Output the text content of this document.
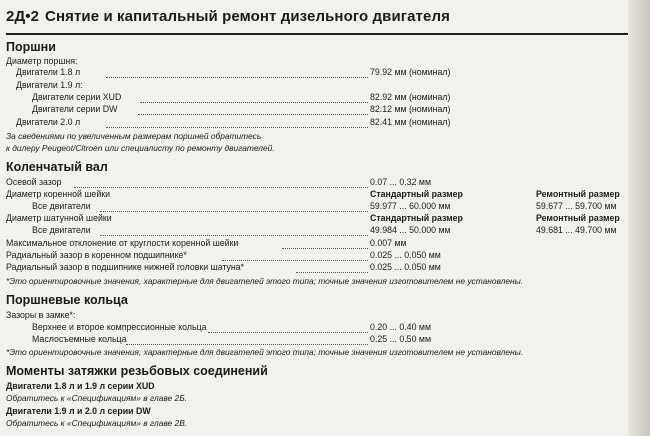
2Д•2 Снятие и капитальный ремонт дизельного двигателя
Поршни
Диаметр поршня:
Двигатели 1.8 л	79.92 мм (номинал)
Двигатели 1.9 л:
Двигатели серии XUD	82.92 мм (номинал)
Двигатели серии DW	82.12 мм (номинал)
Двигатели 2.0 л	82.41 мм (номинал)
За сведениями по увеличенным размерам поршней обратитесь
к дилеру Peugeot/Citroen или специалисту по ремонту двигателей.
Коленчатый вал
Осевой зазор	0.07 ... 0.32 мм
Диаметр коренной шейки	Стандартный размер	Ремонтный размер
Все двигатели	59.977 ... 60.000 мм	59.677 ... 59.700 мм
Диаметр шатунной шейки	Стандартный размер	Ремонтный размер
Все двигатели	49.984 ... 50.000 мм	49.681 ... 49.700 мм
Максимальное отклонение от круглости коренной шейки	0.007 мм
Радиальный зазор в коренном подшипнике*	0.025 ... 0.050 мм
Радиальный зазор в подшипнике нижней головки шатуна*	0.025 ... 0.050 мм
*Это ориентировочные значения, характерные для двигателей этого типа; точные значения изготовителем не установлены.
Поршневые кольца
Зазоры в замке*:
Верхнее и второе компрессионные кольца	0.20 ... 0.40 мм
Маслосъемные кольца	0.25 ... 0.50 мм
*Это ориентировочные значения, характерные для двигателей этого типа; точные значения изготовителем не установлены.
Моменты затяжки резьбовых соединений
Двигатели 1.8 л и 1.9 л серии XUD
Обратитесь к «Спецификациям» в главе 2Б.
Двигатели 1.9 л и 2.0 л серии DW
Обратитесь к «Спецификациям» в главе 2В.
